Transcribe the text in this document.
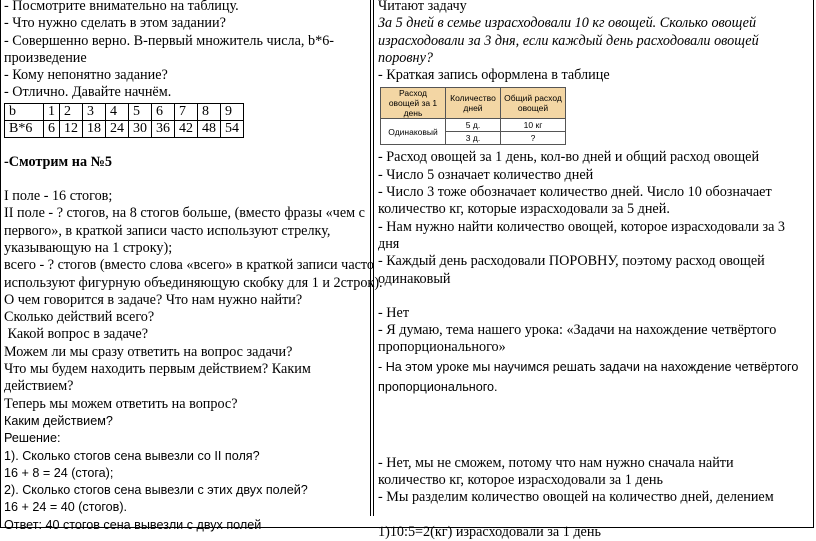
- Посмотрите внимательно на таблицу.
- Что нужно сделать в этом задании?
- Совершенно верно. В-первый множитель числа, b*6-
произведение
- Кому непонятно задание?
- Отлично. Давайте начнём.
b	1	2	3	4	5	6	7	8	9
B*6	6	12	18	24	30	36	42	48	54
-Смотрим на №5
I поле - 16 стогов;
II поле - ? стогов, на 8 стогов больше, (вместо фразы «чем с
первого», в краткой записи часто используют стрелку,
указывающую на 1 строку);
всего - ? стогов (вместо слова «всего» в краткой записи часто
используют фигурную объединяющую скобку для 1 и 2строк).
О чем говорится в задаче? Что нам нужно найти?
Сколько действий всего?
Какой вопрос в задаче?
Можем ли мы сразу ответить на вопрос задачи?
Что мы будем находить первым действием? Каким
действием?
Теперь мы можем ответить на вопрос?
Каким действием?
Решение:
1). Сколько стогов сена вывезли со II поля?
16 + 8 = 24 (стога);
2). Сколько стогов сена вывезли с этих двух полей?
16 + 24 = 40 (стогов).
Ответ: 40 стогов сена вывезли с двух полей
Читают задачу
За 5 дней в семье израсходовали 10 кг овощей. Сколько овощей израсходовали за 3 дня, если каждый день расходовали овощей поровну?
- Краткая запись оформлена в таблице
Расход овощей за 1 день	Количество дней	Общий расход овощей
Одинаковый	5 д.	10 кг
	3 д.	?
- Расход овощей за 1 день, кол-во дней и общий расход овощей
- Число 5 означает количество дней
- Число 3 тоже обозначает количество дней. Число 10 обозначает
количество кг, которые израсходовали за 5 дней.
- Нам нужно найти количество овощей, которое израсходовали за 3
дня
- Каждый день расходовали ПОРОВНУ, поэтому расход овощей
одинаковый
- Нет
- Я думаю, тема нашего урока: «Задачи на нахождение четвёртого
пропорционального»
- На этом уроке мы научимся решать задачи на нахождение четвёртого
пропорционального.
- Нет, мы не сможем, потому что нам нужно сначала найти
количество кг, которое израсходовали за 1 день
- Мы разделим количество овощей на количество дней, делением
1)10:5=2(кг) израсходовали за 1 день
